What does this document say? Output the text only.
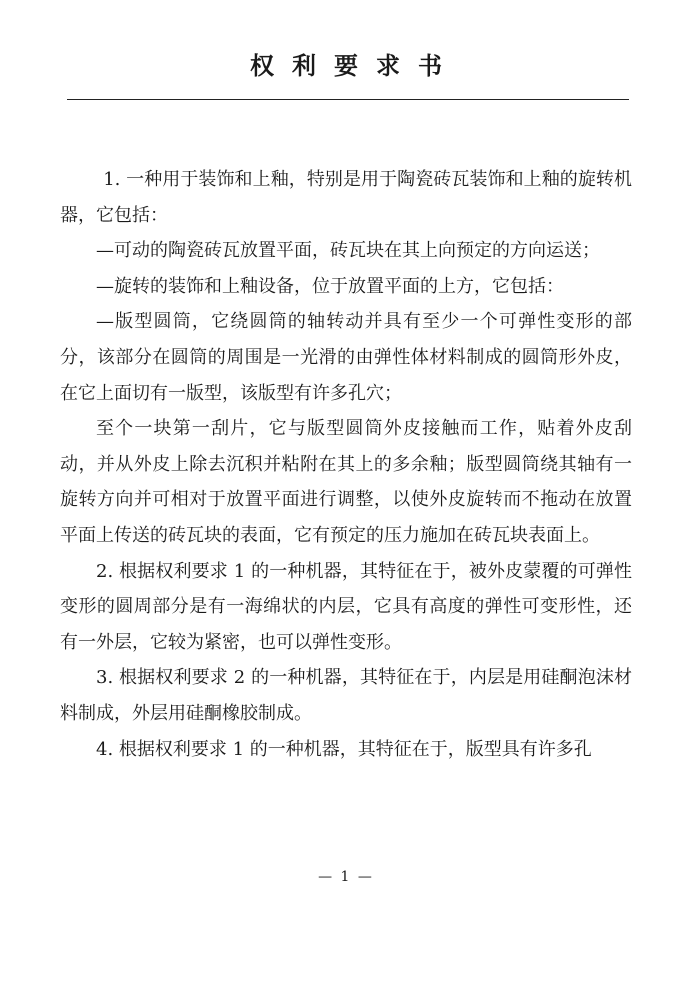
权利要求书

1. 一种用于装饰和上釉，特别是用于陶瓷砖瓦装饰和上釉的旋转机器，它包括：

—可动的陶瓷砖瓦放置平面，砖瓦块在其上向预定的方向运送；

—旋转的装饰和上釉设备，位于放置平面的上方，它包括：

—版型圆筒，它绕圆筒的轴转动并具有至少一个可弹性变形的部分，该部分在圆筒的周围是一光滑的由弹性体材料制成的圆筒形外皮，在它上面切有一版型，该版型有许多孔穴；

至个一块第一刮片，它与版型圆筒外皮接触而工作，贴着外皮刮动，并从外皮上除去沉积并粘附在其上的多余釉；版型圆筒绕其轴有一旋转方向并可相对于放置平面进行调整，以使外皮旋转而不拖动在放置平面上传送的砖瓦块的表面，它有预定的压力施加在砖瓦块表面上。

2. 根据权利要求 1 的一种机器，其特征在于，被外皮蒙覆的可弹性变形的圆周部分是有一海绵状的内层，它具有高度的弹性可变形性，还有一外层，它较为紧密，也可以弹性变形。

3. 根据权利要求 2 的一种机器，其特征在于，内层是用硅酮泡沫材料制成，外层用硅酮橡胶制成。

4. 根据权利要求 1 的一种机器，其特征在于，版型具有许多孔

— 1 —
